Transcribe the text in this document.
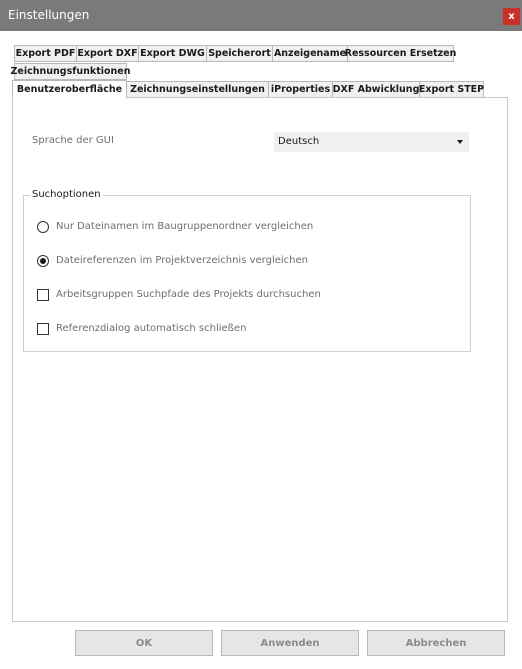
Einstellungen	x
Export PDF Export DXF Export DWG Speicherort Anzeigename
Ressourcen Ersetzen
Zeichnungsfunktionen
Benutzeroberfläche Zeichnungseinstellungen iProperties DXF Abwicklung Export STEP
Sprache der GUI	Deutsch
Suchoptionen
Nur Dateinamen im Baugruppenordner vergleichen
Dateireferenzen im Projektverzeichnis vergleichen
Arbeitsgruppen Suchpfade des Projekts durchsuchen
Referenzdialog automatisch schließen
OK	Anwenden	Abbrechen
